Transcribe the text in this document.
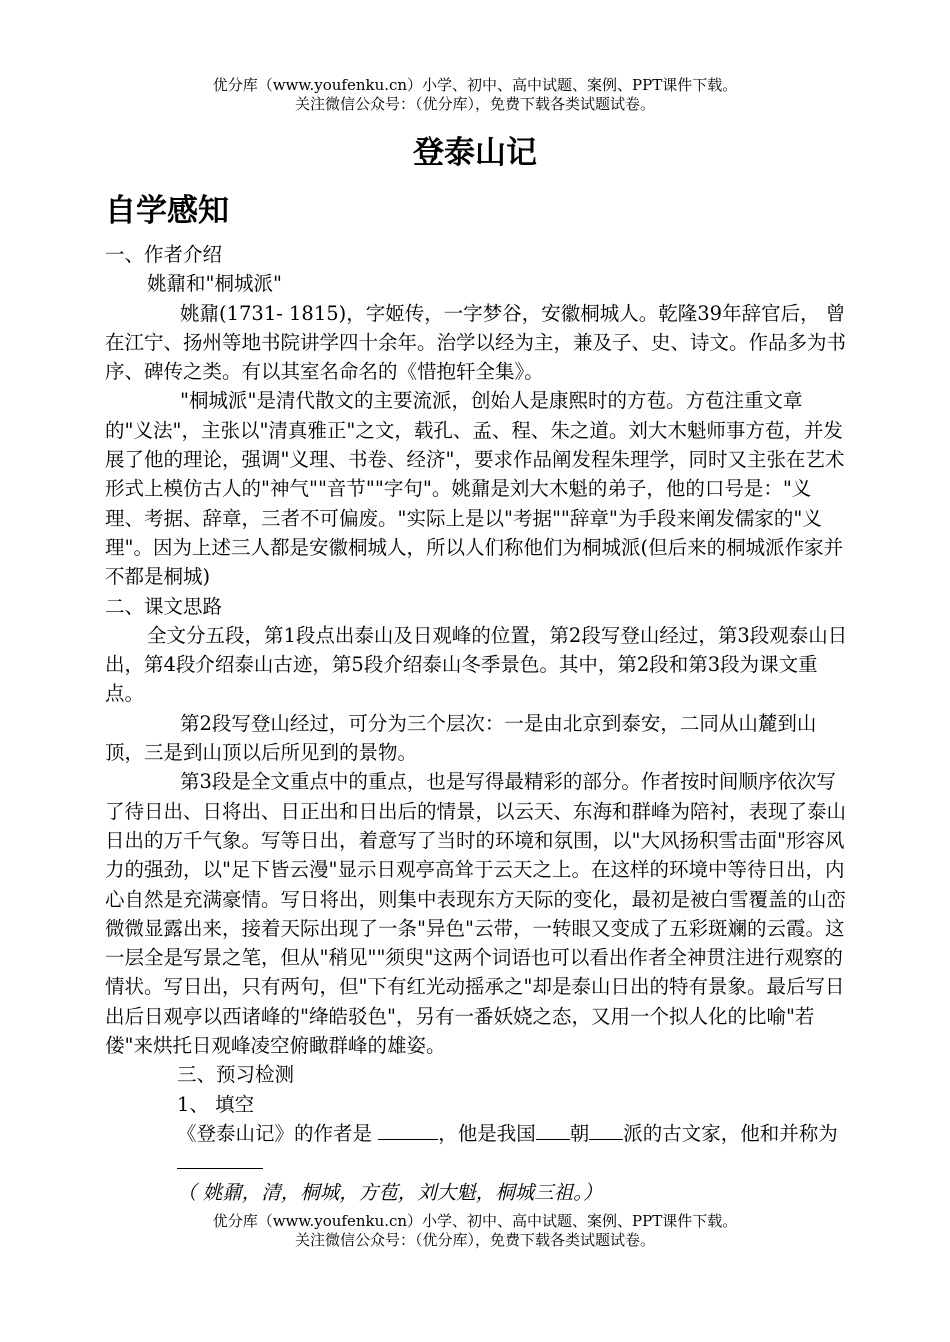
优分库（www.youfenku.cn）小学、初中、高中试题、案例、PPT课件下载。
关注微信公众号：（优分库），免费下载各类试题试卷。
登泰山记
自学感知

一、作者介绍

姚鼐和"桐城派"

姚鼐(1731- 1815)，字姬传，一字梦谷，安徽桐城人。乾隆39年辞官后， 曾在江宁、扬州等地书院讲学四十余年。治学以经为主，兼及子、史、诗文。作品多为书序、碑传之类。有以其室名命名的《惜抱轩全集》。

"桐城派"是清代散文的主要流派，创始人是康熙时的方苞。方苞注重文章的"义法"，主张以"清真雅正"之文，载孔、孟、程、朱之道。刘大木魁师事方苞，并发展了他的理论，强调"义理、书卷、经济"，要求作品阐发程朱理学，同时又主张在艺术形式上模仿古人的"神气""音节""字句"。姚鼐是刘大木魁的弟子，他的口号是："义理、考据、辞章，三者不可偏废。"实际上是以"考据""辞章"为手段来阐发儒家的"义理"。因为上述三人都是安徽桐城人，所以人们称他们为桐城派(但后来的桐城派作家并不都是桐城)

二、课文思路

全文分五段，第1段点出泰山及日观峰的位置，第2段写登山经过，第3段观泰山日出，第4段介绍泰山古迹，第5段介绍泰山冬季景色。其中，第2段和第3段为课文重点。

第2段写登山经过，可分为三个层次：一是由北京到泰安，二同从山麓到山顶，三是到山顶以后所见到的景物。

第3段是全文重点中的重点，也是写得最精彩的部分。作者按时间顺序依次写了待日出、日将出、日正出和日出后的情景，以云天、东海和群峰为陪衬，表现了泰山日出的万千气象。写等日出，着意写了当时的环境和氛围，以"大风扬积雪击面"形容风力的强劲，以"足下皆云漫"显示日观亭高耸于云天之上。在这样的环境中等待日出，内心自然是充满豪情。写日将出，则集中表现东方天际的变化，最初是被白雪覆盖的山峦微微显露出来，接着天际出现了一条"异色"云带，一转眼又变成了五彩斑斓的云霞。这一层全是写景之笔，但从"稍见""须臾"这两个词语也可以看出作者全神贯注进行观察的情状。写日出，只有两句，但"下有红光动摇承之"却是泰山日出的特有景象。最后写日出后日观亭以西诸峰的"绛皓驳色"，另有一番妖娆之态，又用一个拟人化的比喻"若偻"来烘托日观峰凌空俯瞰群峰的雄姿。

三、预习检测

1、 填空

《登泰山记》的作者是	，他是我国 朝 派的古文家，他和并称为

（ 姚鼐，清，桐城，方苞，刘大魁，桐城三祖。）

优分库（www.youfenku.cn）小学、初中、高中试题、案例、PPT课件下载。
关注微信公众号：（优分库），免费下载各类试题试卷。
